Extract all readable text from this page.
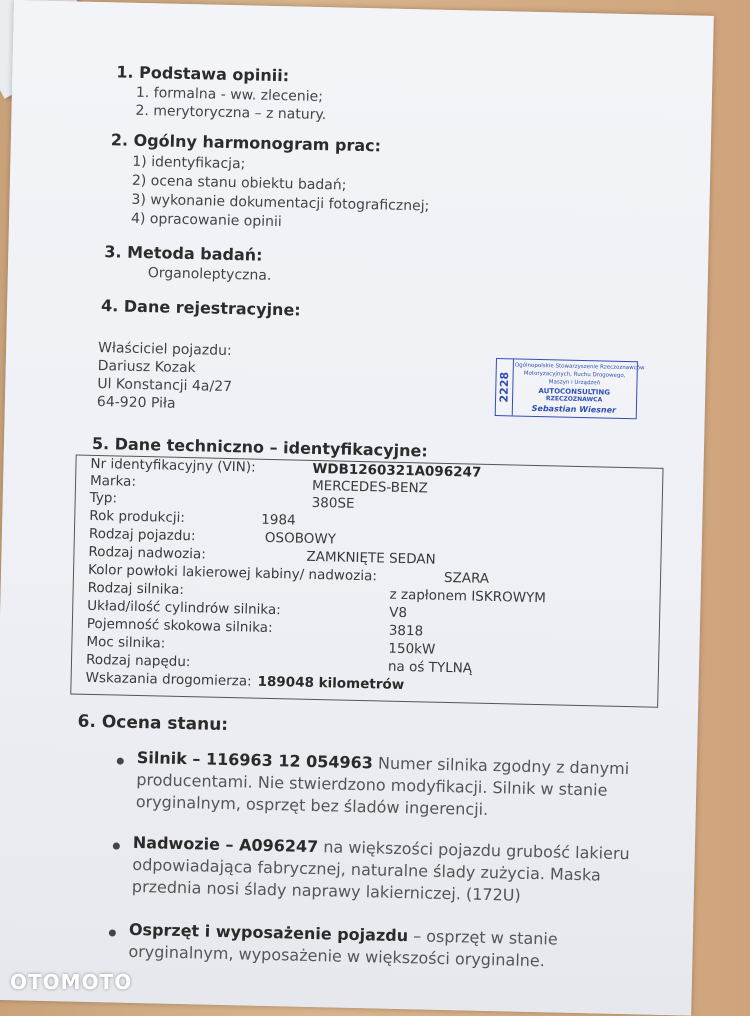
1. Podstawa opinii:
1. formalna - ww. zlecenie;
2. merytoryczna – z natury.
2. Ogólny harmonogram prac:
1) identyfikacja;
2) ocena stanu obiektu badań;
3) wykonanie dokumentacji fotograficznej;
4) opracowanie opinii
3. Metoda badań:
Organoleptyczna.
4. Dane rejestracyjne:
Właściciel pojazdu:
Dariusz Kozak
Ul Konstancji 4a/27
64-920 Piła
2228
Ogólnopolskie Stowarzyszenie Rzeczoznawców
Motoryzacyjnych, Ruchu Drogowego,
Maszyn i Urządzeń
AUTOCONSULTING
RZECZOZNAWCA
Sebastian Wiesner
5. Dane techniczno – identyfikacyjne:
Nr identyfikacyjny (VIN):	WDB1260321A096247
Marka:	MERCEDES-BENZ
Typ:	380SE
Rok produkcji:	1984
Rodzaj pojazdu:	OSOBOWY
Rodzaj nadwozia:	ZAMKNIĘTE SEDAN
Kolor powłoki lakierowej kabiny/ nadwozia:	SZARA
Rodzaj silnika:	z zapłonem ISKROWYM
Układ/ilość cylindrów silnika:	V8
Pojemność skokowa silnika:	3818
Moc silnika:	150kW
Rodzaj napędu:	na oś TYLNĄ
Wskazania drogomierza: 189048 kilometrów
6. Ocena stanu:
Silnik – 116963 12 054963 Numer silnika zgodny z danymi producentami. Nie stwierdzono modyfikacji. Silnik w stanie oryginalnym, osprzęt bez śladów ingerencji.
Nadwozie – A096247 na większości pojazdu grubość lakieru odpowiadająca fabrycznej, naturalne ślady zużycia. Maska przednia nosi ślady naprawy lakierniczej. (172U)
Osprzęt i wyposażenie pojazdu – osprzęt w stanie oryginalnym, wyposażenie w większości oryginalne.
OTOMOTO
